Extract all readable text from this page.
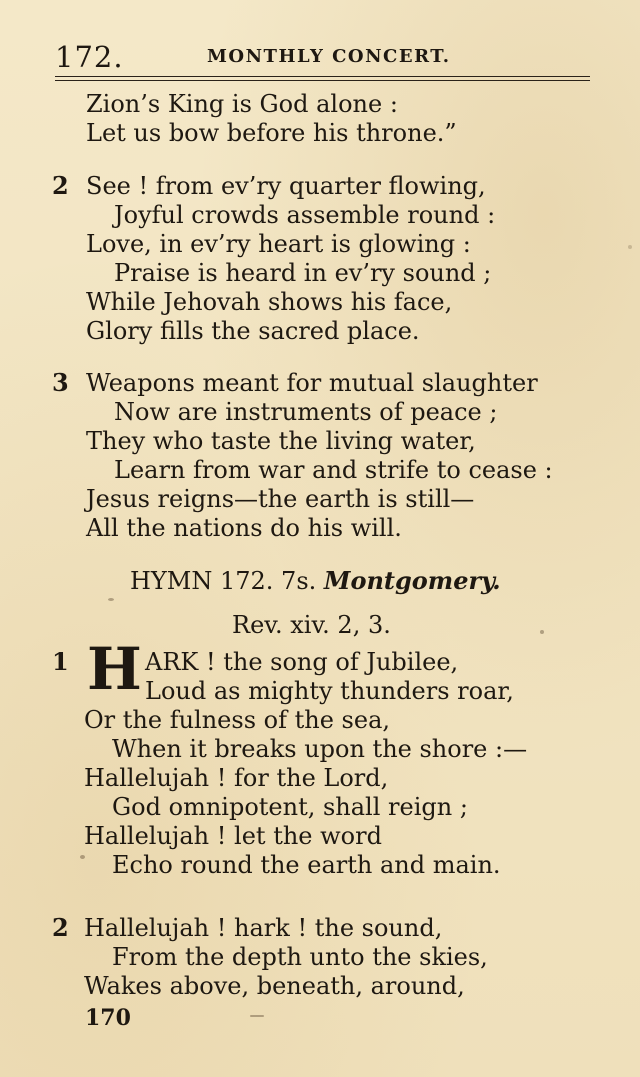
172.	MONTHLY CONCERT.
Zion’s King is God alone :
Let us bow before his throne.”
2 See ! from ev’ry quarter flowing,
Joyful crowds assemble round :
Love, in ev’ry heart is glowing :
Praise is heard in ev’ry sound ;
While Jehovah shows his face,
Glory fills the sacred place.
3 Weapons meant for mutual slaughter
Now are instruments of peace ;
They who taste the living water,
Learn from war and strife to cease :
Jesus reigns—the earth is still—
All the nations do his will.
HYMN 172. 7s. Montgomery.
Rev. xiv. 2, 3.
1 H ARK ! the song of Jubilee,
Loud as mighty thunders roar,
Or the fulness of the sea,
When it breaks upon the shore :—
Hallelujah ! for the Lord,
God omnipotent, shall reign ;
Hallelujah ! let the word
Echo round the earth and main.
2 Hallelujah ! hark ! the sound,
From the depth unto the skies,
Wakes above, beneath, around,
170
